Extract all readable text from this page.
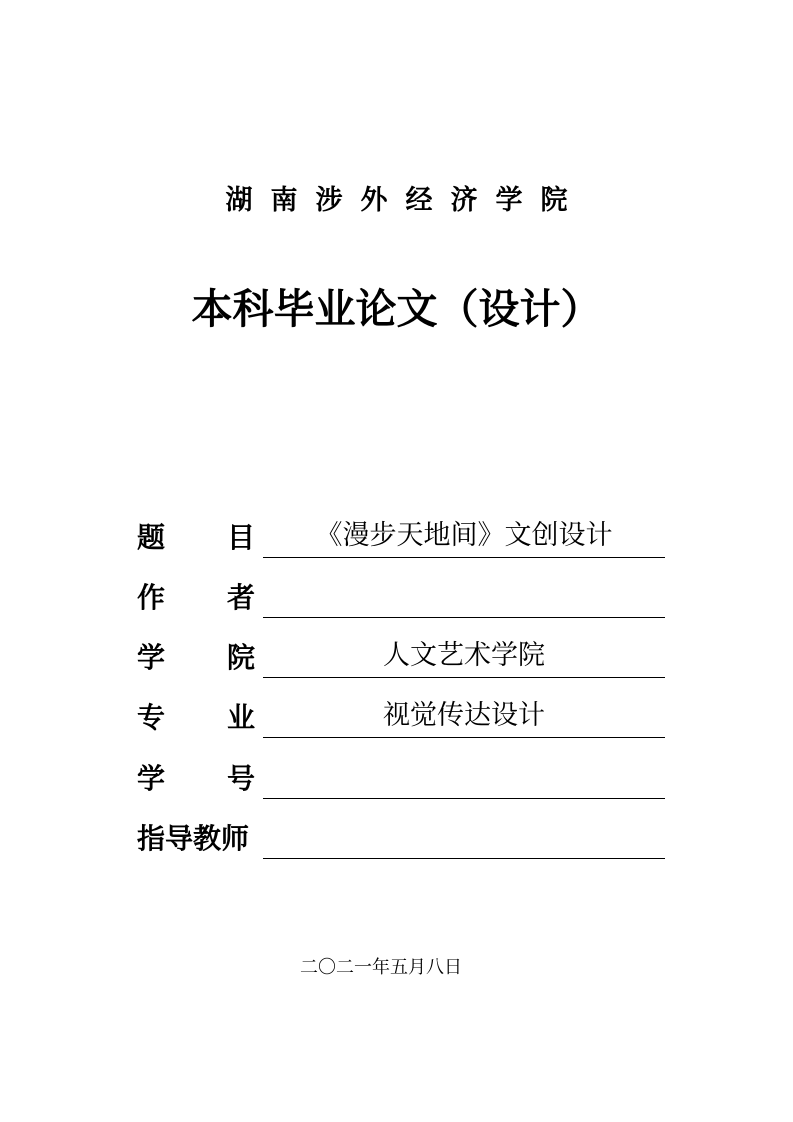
湖南涉外经济学院
本科毕业论文（设计）
题 目	《漫步天地间》文创设计
作 者
学 院	人文艺术学院
专 业	视觉传达设计
学 号
指导教师
二〇二一年五月八日
